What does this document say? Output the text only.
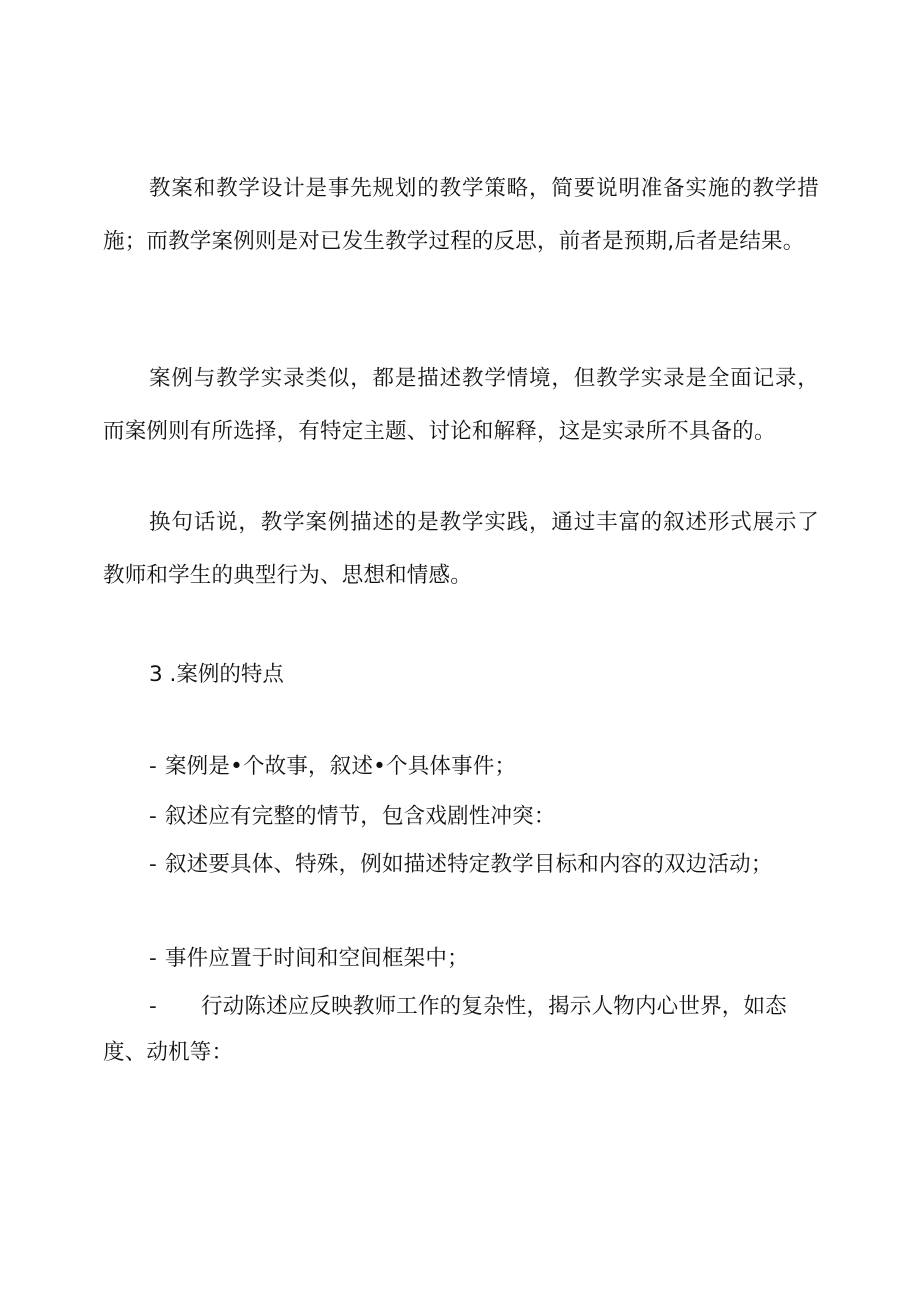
教案和教学设计是事先规划的教学策略，简要说明准备实施的教学措施；而教学案例则是对已发生教学过程的反思，前者是预期,后者是结果。

案例与教学实录类似，都是描述教学情境，但教学实录是全面记录，而案例则有所选择，有特定主题、讨论和解释，这是实录所不具备的。

换句话说，教学案例描述的是教学实践，通过丰富的叙述形式展示了教师和学生的典型行为、思想和情感。

3 .案例的特点

- 案例是•个故事，叙述•个具体事件；

- 叙述应有完整的情节，包含戏剧性冲突：

- 叙述要具体、特殊，例如描述特定教学目标和内容的双边活动；

- 事件应置于时间和空间框架中；

- 行动陈述应反映教师工作的复杂性，揭示人物内心世界，如态度、动机等：
